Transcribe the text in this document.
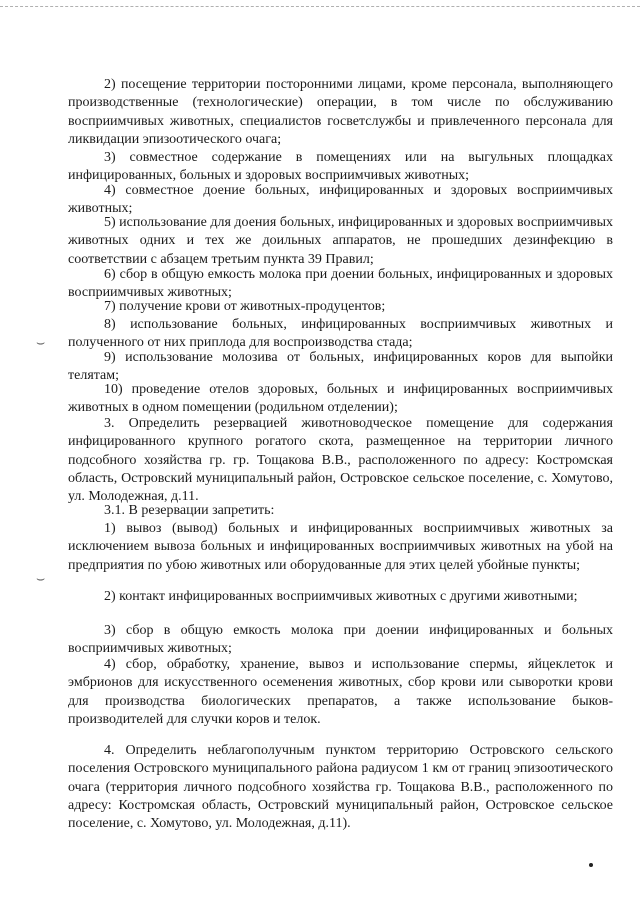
2) посещение территории посторонними лицами, кроме персонала, выполняющего производственные (технологические) операции, в том числе по обслуживанию восприимчивых животных, специалистов госветслужбы и привлеченного персонала для ликвидации эпизоотического очага;

3) совместное содержание в помещениях или на выгульных площадках инфицированных, больных и здоровых восприимчивых животных;

4) совместное доение больных, инфицированных и здоровых восприимчивых животных;

5) использование для доения больных, инфицированных и здоровых восприимчивых животных одних и тех же доильных аппаратов, не прошедших дезинфекцию в соответствии с абзацем третьим пункта 39 Правил;

6) сбор в общую емкость молока при доении больных, инфицированных и здоровых восприимчивых животных;

7) получение крови от животных-продуцентов;

8) использование больных, инфицированных восприимчивых животных и полученного от них приплода для воспроизводства стада;

9) использование молозива от больных, инфицированных коров для выпойки телятам;

10) проведение отелов здоровых, больных и инфицированных восприимчивых животных в одном помещении (родильном отделении);

3. Определить резервацией животноводческое помещение для содержания инфицированного крупного рогатого скота, размещенное на территории личного подсобного хозяйства гр. гр. Тощакова В.В., расположенного по адресу: Костромская область, Островский муниципальный район, Островское сельское поселение, с. Хомутово, ул. Молодежная, д.11.

3.1. В резервации запретить:

1) вывоз (вывод) больных и инфицированных восприимчивых животных за исключением вывоза больных и инфицированных восприимчивых животных на убой на предприятия по убою животных или оборудованные для этих целей убойные пункты;

2) контакт инфицированных восприимчивых животных с другими животными;

3) сбор в общую емкость молока при доении инфицированных и больных восприимчивых животных;

4) сбор, обработку, хранение, вывоз и использование спермы, яйцеклеток и эмбрионов для искусственного осеменения животных, сбор крови или сыворотки крови для производства биологических препаратов, а также использование быков-производителей для случки коров и телок.

4. Определить неблагополучным пунктом территорию Островского сельского поселения Островского муниципального района радиусом 1 км от границ эпизоотического очага (территория личного подсобного хозяйства гр. Тощакова В.В., расположенного по адресу: Костромская область, Островский муниципальный район, Островское сельское поселение, с. Хомутово, ул. Молодежная, д.11).

⌣
⌣
